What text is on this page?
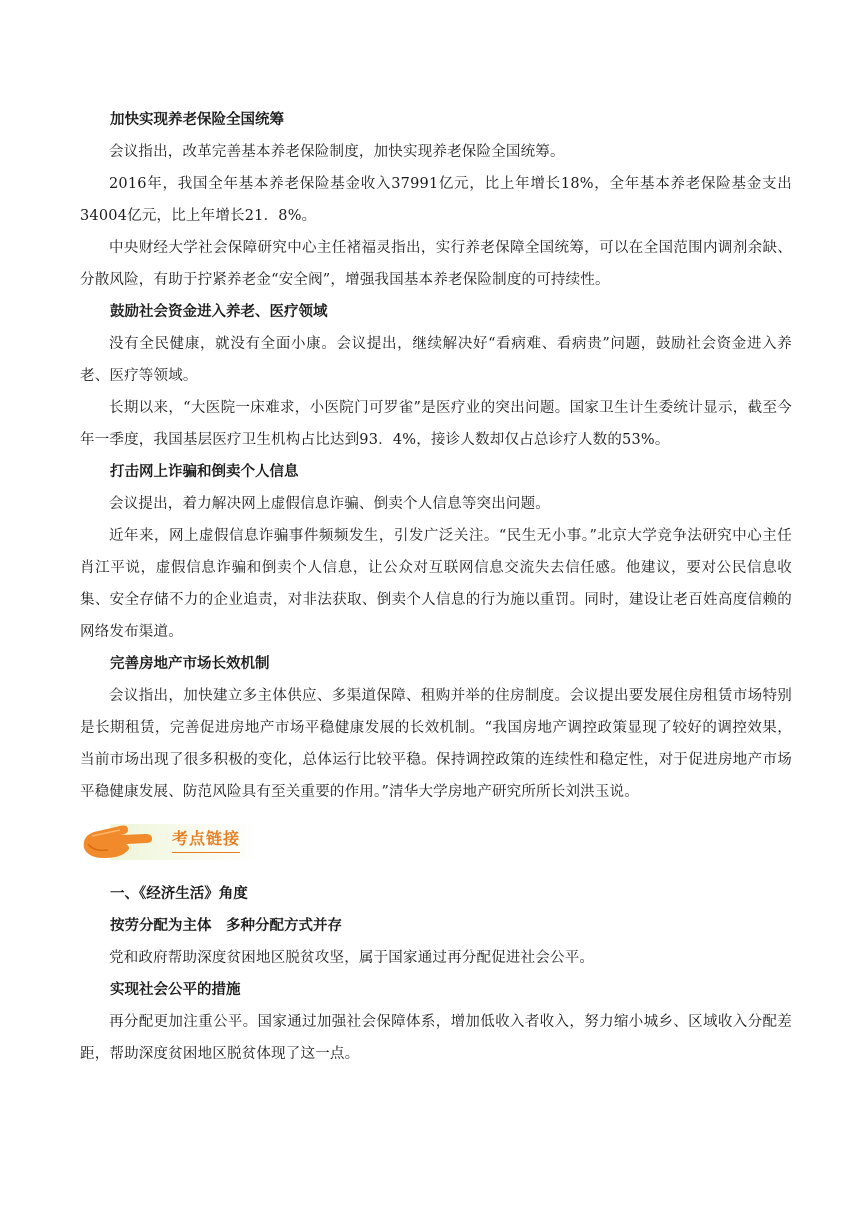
加快实现养老保险全国统筹

会议指出，改革完善基本养老保险制度，加快实现养老保险全国统筹。

2016年，我国全年基本养老保险基金收入37991亿元，比上年增长18%，全年基本养老保险基金支出34004亿元，比上年增长21．8%。

中央财经大学社会保障研究中心主任褚福灵指出，实行养老保障全国统筹，可以在全国范围内调剂余缺、分散风险，有助于拧紧养老金“安全阀”，增强我国基本养老保险制度的可持续性。

鼓励社会资金进入养老、医疗领域

没有全民健康，就没有全面小康。会议提出，继续解决好“看病难、看病贵”问题，鼓励社会资金进入养老、医疗等领域。

长期以来，“大医院一床难求，小医院门可罗雀”是医疗业的突出问题。国家卫生计生委统计显示，截至今年一季度，我国基层医疗卫生机构占比达到93．4%，接诊人数却仅占总诊疗人数的53%。

打击网上诈骗和倒卖个人信息

会议提出，着力解决网上虚假信息诈骗、倒卖个人信息等突出问题。

近年来，网上虚假信息诈骗事件频频发生，引发广泛关注。“民生无小事。”北京大学竞争法研究中心主任肖江平说，虚假信息诈骗和倒卖个人信息，让公众对互联网信息交流失去信任感。他建议，要对公民信息收集、安全存储不力的企业追责，对非法获取、倒卖个人信息的行为施以重罚。同时，建设让老百姓高度信赖的网络发布渠道。

完善房地产市场长效机制

会议指出，加快建立多主体供应、多渠道保障、租购并举的住房制度。会议提出要发展住房租赁市场特别是长期租赁，完善促进房地产市场平稳健康发展的长效机制。“我国房地产调控政策显现了较好的调控效果，当前市场出现了很多积极的变化，总体运行比较平稳。保持调控政策的连续性和稳定性，对于促进房地产市场平稳健康发展、防范风险具有至关重要的作用。”清华大学房地产研究所所长刘洪玉说。

考点链接
一、《经济生活》角度
按劳分配为主体　多种分配方式并存

党和政府帮助深度贫困地区脱贫攻坚，属于国家通过再分配促进社会公平。

实现社会公平的措施

再分配更加注重公平。国家通过加强社会保障体系，增加低收入者收入，努力缩小城乡、区域收入分配差距，帮助深度贫困地区脱贫体现了这一点。
